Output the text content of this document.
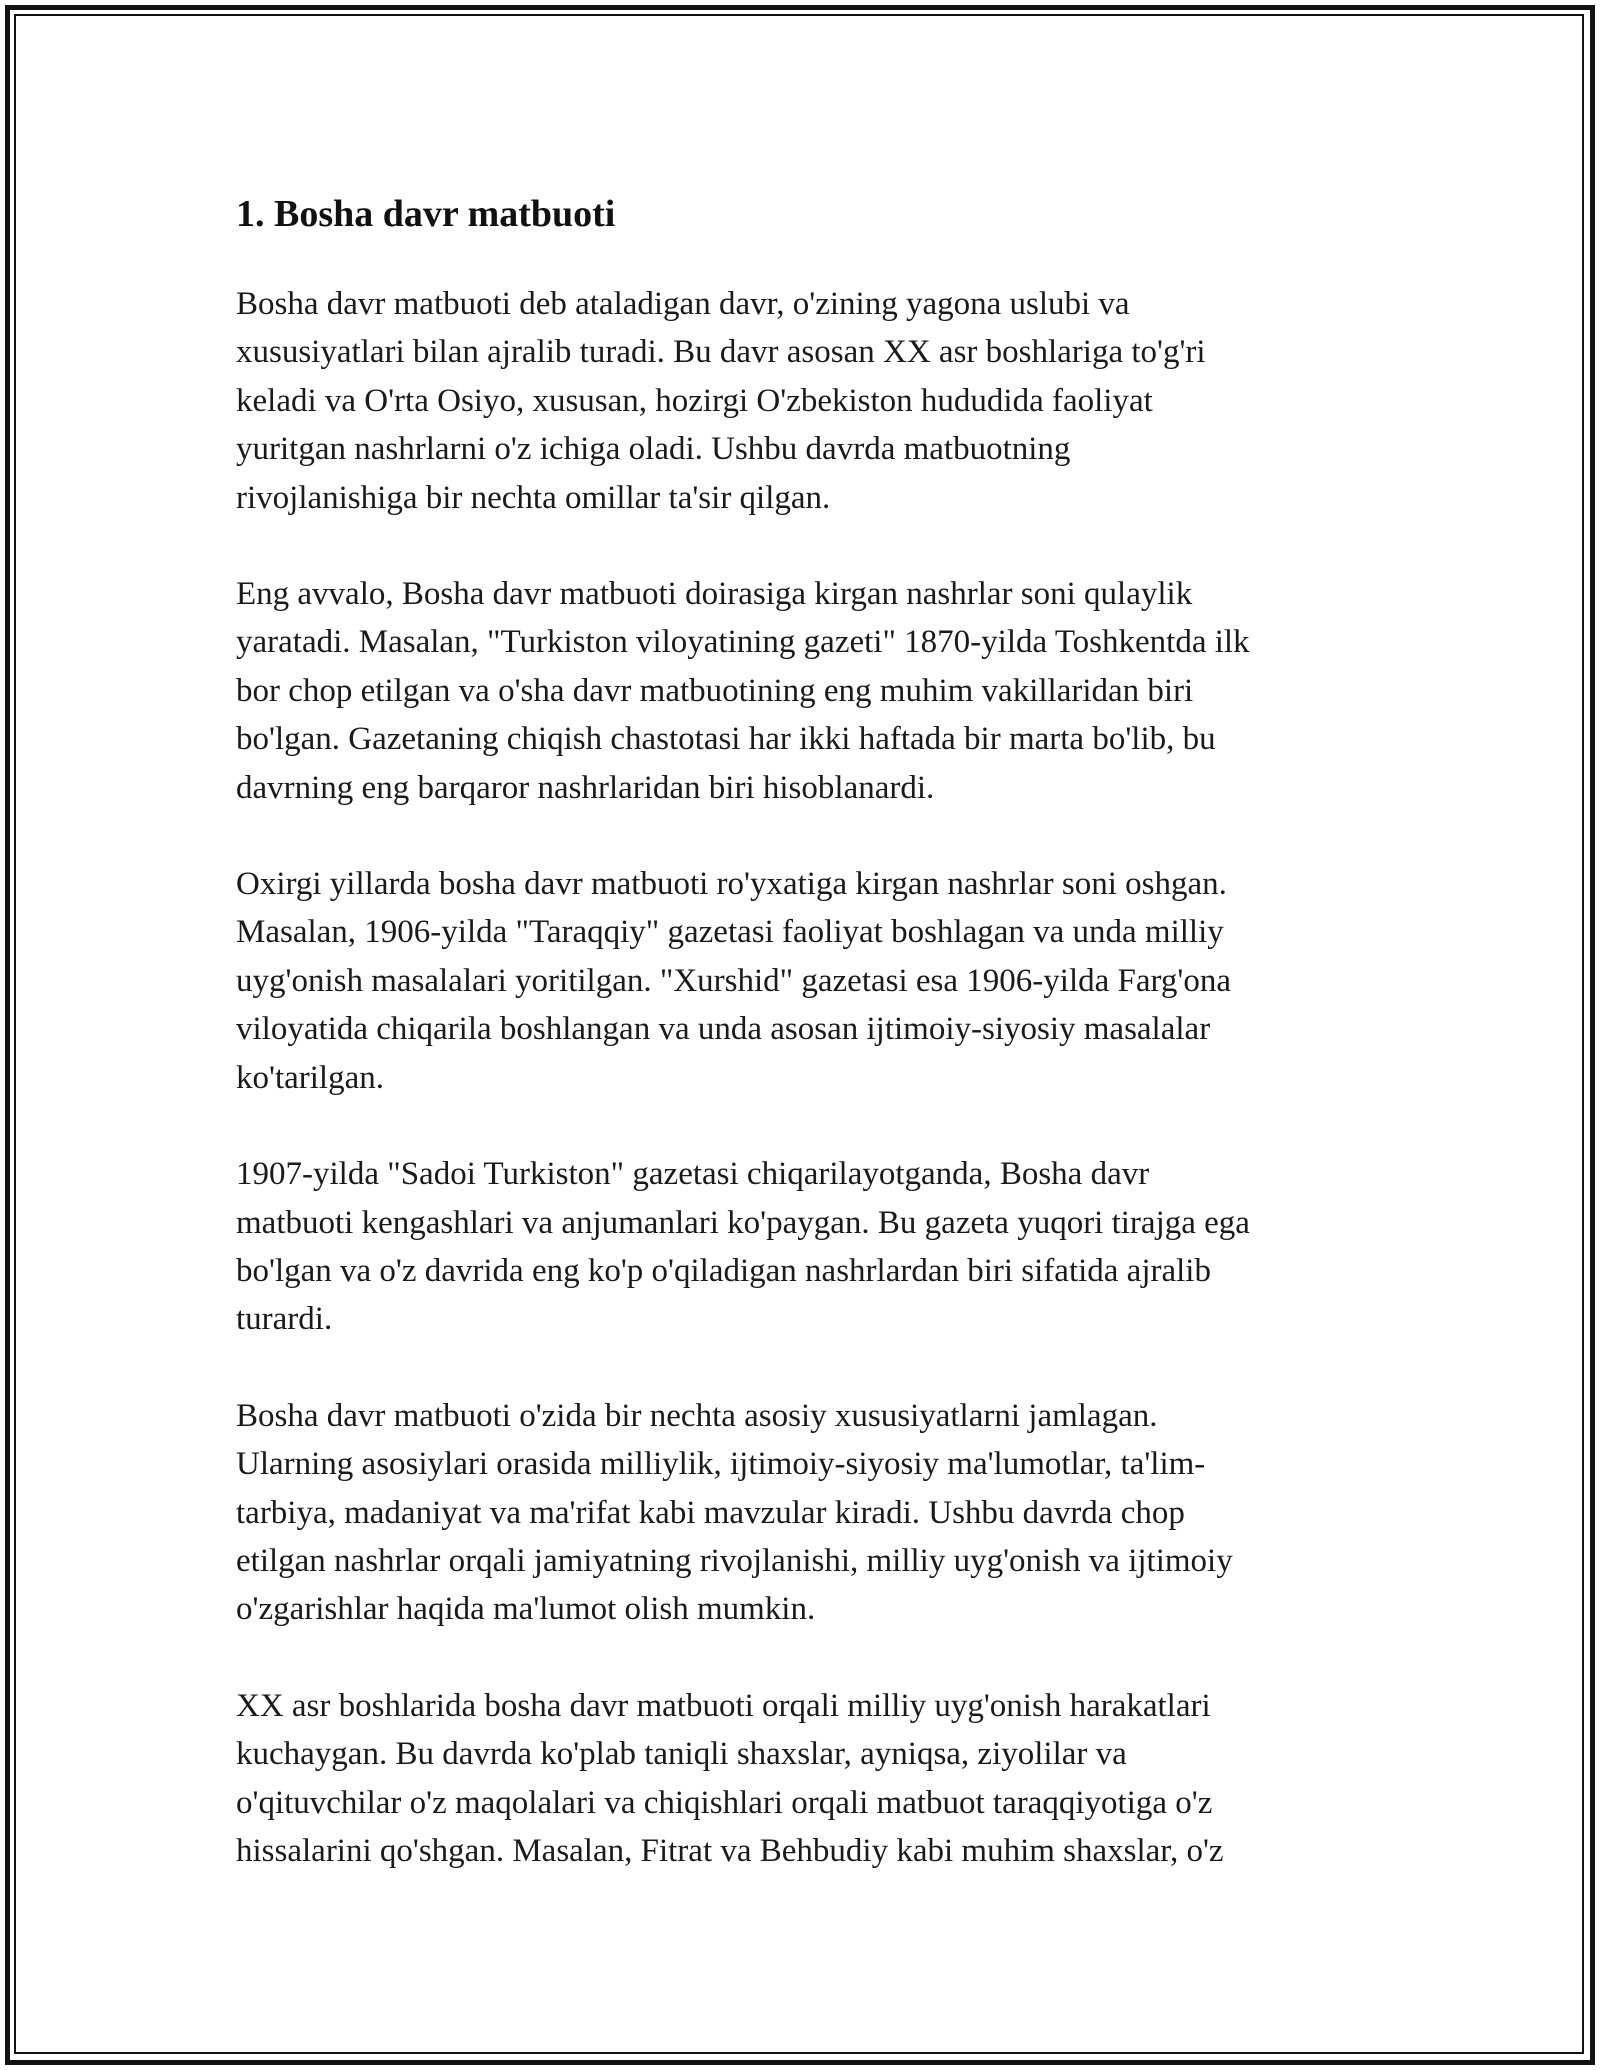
1. Bosha davr matbuoti

Bosha davr matbuoti deb ataladigan davr, o'zining yagona uslubi va
xususiyatlari bilan ajralib turadi. Bu davr asosan XX asr boshlariga to'g'ri
keladi va O'rta Osiyo, xususan, hozirgi O'zbekiston hududida faoliyat
yuritgan nashrlarni o'z ichiga oladi. Ushbu davrda matbuotning
rivojlanishiga bir nechta omillar ta'sir qilgan.

Eng avvalo, Bosha davr matbuoti doirasiga kirgan nashrlar soni qulaylik
yaratadi. Masalan, "Turkiston viloyatining gazeti" 1870-yilda Toshkentda ilk
bor chop etilgan va o'sha davr matbuotining eng muhim vakillaridan biri
bo'lgan. Gazetaning chiqish chastotasi har ikki haftada bir marta bo'lib, bu
davrning eng barqaror nashrlaridan biri hisoblanardi.

Oxirgi yillarda bosha davr matbuoti ro'yxatiga kirgan nashrlar soni oshgan.
Masalan, 1906-yilda "Taraqqiy" gazetasi faoliyat boshlagan va unda milliy
uyg'onish masalalari yoritilgan. "Xurshid" gazetasi esa 1906-yilda Farg'ona
viloyatida chiqarila boshlangan va unda asosan ijtimoiy-siyosiy masalalar
ko'tarilgan.

1907-yilda "Sadoi Turkiston" gazetasi chiqarilayotganda, Bosha davr
matbuoti kengashlari va anjumanlari ko'paygan. Bu gazeta yuqori tirajga ega
bo'lgan va o'z davrida eng ko'p o'qiladigan nashrlardan biri sifatida ajralib
turardi.

Bosha davr matbuoti o'zida bir nechta asosiy xususiyatlarni jamlagan.
Ularning asosiylari orasida milliylik, ijtimoiy-siyosiy ma'lumotlar, ta'lim-
tarbiya, madaniyat va ma'rifat kabi mavzular kiradi. Ushbu davrda chop
etilgan nashrlar orqali jamiyatning rivojlanishi, milliy uyg'onish va ijtimoiy
o'zgarishlar haqida ma'lumot olish mumkin.

XX asr boshlarida bosha davr matbuoti orqali milliy uyg'onish harakatlari
kuchaygan. Bu davrda ko'plab taniqli shaxslar, ayniqsa, ziyolilar va
o'qituvchilar o'z maqolalari va chiqishlari orqali matbuot taraqqiyotiga o'z
hissalarini qo'shgan. Masalan, Fitrat va Behbudiy kabi muhim shaxslar, o'z
